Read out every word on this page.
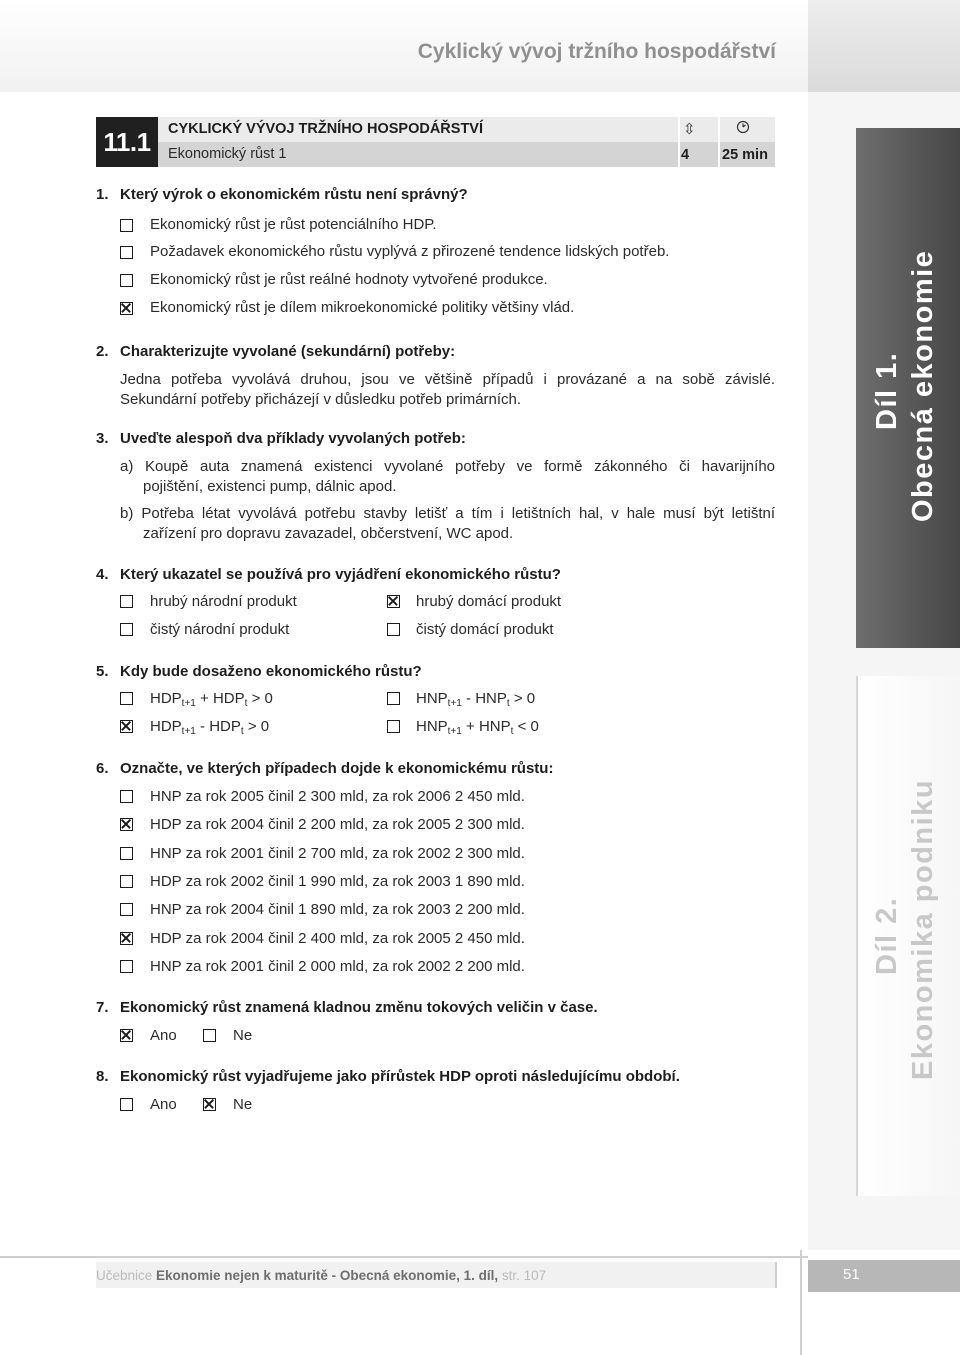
Cyklický vývoj tržního hospodářství
Díl 1. Obecná ekonomie
Díl 2. Ekonomika podniku
11.1	CYKLICKÝ VÝVOJ TRŽNÍHO HOSPODÁŘSTVÍ	⇳
Ekonomický růst 1	4 25 min
1. Který výrok o ekonomickém růstu není správný?
Ekonomický růst je růst potenciálního HDP.
Požadavek ekonomického růstu vyplývá z přirozené tendence lidských potřeb.
Ekonomický růst je růst reálné hodnoty vytvořené produkce.
Ekonomický růst je dílem mikroekonomické politiky většiny vlád.
2. Charakterizujte vyvolané (sekundární) potřeby:
Jedna potřeba vyvolává druhou, jsou ve většině případů i provázané a na sobě závislé.
Sekundární potřeby přicházejí v důsledku potřeb primárních.
3. Uveďte alespoň dva příklady vyvolaných potřeb:
a) Koupě auta znamená existenci vyvolané potřeby ve formě zákonného či havarijního
pojištění, existenci pump, dálnic apod.
b) Potřeba létat vyvolává potřebu stavby letišť a tím i letištních hal, v hale musí být letištní
zařízení pro dopravu zavazadel, občerstvení, WC apod.
4. Který ukazatel se používá pro vyjádření ekonomického růstu?
hrubý národní produkt	hrubý domácí produkt
čistý národní produkt	čistý domácí produkt
5. Kdy bude dosaženo ekonomického růstu?
$HDP_{t+1} + HDP_t > 0$	$HNP_{t+1} - HNP_t > 0$
$HDP_{t+1} - HDP_t > 0$	$HNP_{t+1} + HNP_t < 0$
6. Označte, ve kterých případech dojde k ekonomickému růstu:
HNP za rok 2005 činil 2 300 mld, za rok 2006 2 450 mld.
HDP za rok 2004 činil 2 200 mld, za rok 2005 2 300 mld.
HNP za rok 2001 činil 2 700 mld, za rok 2002 2 300 mld.
HDP za rok 2002 činil 1 990 mld, za rok 2003 1 890 mld.
HNP za rok 2004 činil 1 890 mld, za rok 2003 2 200 mld.
HDP za rok 2004 činil 2 400 mld, za rok 2005 2 450 mld.
HNP za rok 2001 činil 2 000 mld, za rok 2002 2 200 mld.
7. Ekonomický růst znamená kladnou změnu tokových veličin v čase.
Ano	Ne
8. Ekonomický růst vyjadřujeme jako přírůstek HDP oproti následujícímu období.
Ano	Ne
Učebnice Ekonomie nejen k maturitě - Obecná ekonomie, 1. díl, str. 107	51
